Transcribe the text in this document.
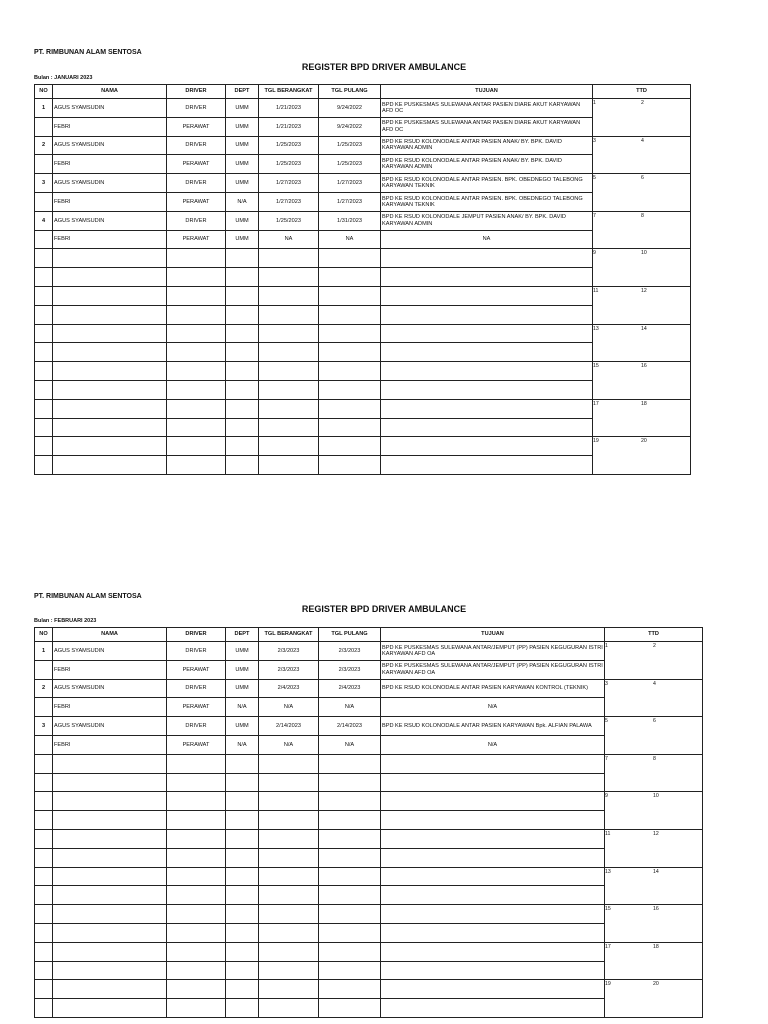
PT. RIMBUNAN ALAM SENTOSA
REGISTER BPD DRIVER AMBULANCE
Bulan : JANUARI 2023
NO	NAMA	DRIVER	DEPT	TGL BERANGKAT	TGL PULANG	TUJUAN	TTD
1	AGUS SYAMSUDIN	DRIVER	UMM	1/21/2023	9/24/2022	BPD KE PUSKESMAS SULEWANA ANTAR PASIEN DIARE AKUT KARYAWAN AFD OC	1 2

	FEBRI	PERAWAT	UMM	1/21/2023	9/24/2022	BPD KE PUSKESMAS SULEWANA ANTAR PASIEN DIARE AKUT KARYAWAN AFD OC	
2	AGUS SYAMSUDIN	DRIVER	UMM	1/25/2023	1/25/2023	BPD KE RSUD KOLONODALE ANTAR PASIEN ANAK/ BY. BPK. DAVID KARYAWAN ADMIN	3 4

	FEBRI	PERAWAT	UMM	1/25/2023	1/25/2023	BPD KE RSUD KOLONODALE ANTAR PASIEN ANAK/ BY. BPK. DAVID KARYAWAN ADMIN	
3	AGUS SYAMSUDIN	DRIVER	UMM	1/27/2023	1/27/2023	BPD KE RSUD KOLONODALE ANTAR PASIEN. BPK. OBEDNEGO TALEBONG KARYAWAN TEKNIK	5 6

	FEBRI	PERAWAT	N/A	1/27/2023	1/27/2023	BPD KE RSUD KOLONODALE ANTAR PASIEN. BPK. OBEDNEGO TALEBONG KARYAWAN TEKNIK	
4	AGUS SYAMSUDIN	DRIVER	UMM	1/25/2023	1/31/2023	BPD KE RSUD KOLONODALE JEMPUT PASIEN ANAK/ BY. BPK. DAVID KARYAWAN ADMIN	7 8

	FEBRI	PERAWAT	UMM	NA	NA	NA	

							9 10

							11 12

							13 14

							15 16

							17 18

							19 20

PT. RIMBUNAN ALAM SENTOSA
REGISTER BPD DRIVER AMBULANCE
Bulan : FEBRUARI 2023
NO	NAMA	DRIVER	DEPT	TGL BERANGKAT	TGL PULANG	TUJUAN	TTD
1	AGUS SYAMSUDIN	DRIVER	UMM	2/3/2023	2/3/2023	BPD KE PUSKESMAS SULEWANA ANTAR/JEMPUT (PP) PASIEN KEGUGURAN ISTRI KARYAWAN AFD OA	1 2

	FEBRI	PERAWAT	UMM	2/3/2023	2/3/2023	BPD KE PUSKESMAS SULEWANA ANTAR/JEMPUT (PP) PASIEN KEGUGURAN ISTRI KARYAWAN AFD OA	
2	AGUS SYAMSUDIN	DRIVER	UMM	2/4/2023	2/4/2023	BPD KE RSUD KOLONODALE ANTAR PASIEN KARYAWAN KONTROL (TEKNIK)	3 4

	FEBRI	PERAWAT	N/A	N/A	N/A	N/A	
3	AGUS SYAMSUDIN	DRIVER	UMM	2/14/2023	2/14/2023	BPD KE RSUD KOLONODALE ANTAR PASIEN KARYAWAN Bpk. ALFIAN PALAWA	5 6

	FEBRI	PERAWAT	N/A	N/A	N/A	N/A	

							7 8

							9 10

							11 12

							13 14

							15 16

							17 18

							19 20
